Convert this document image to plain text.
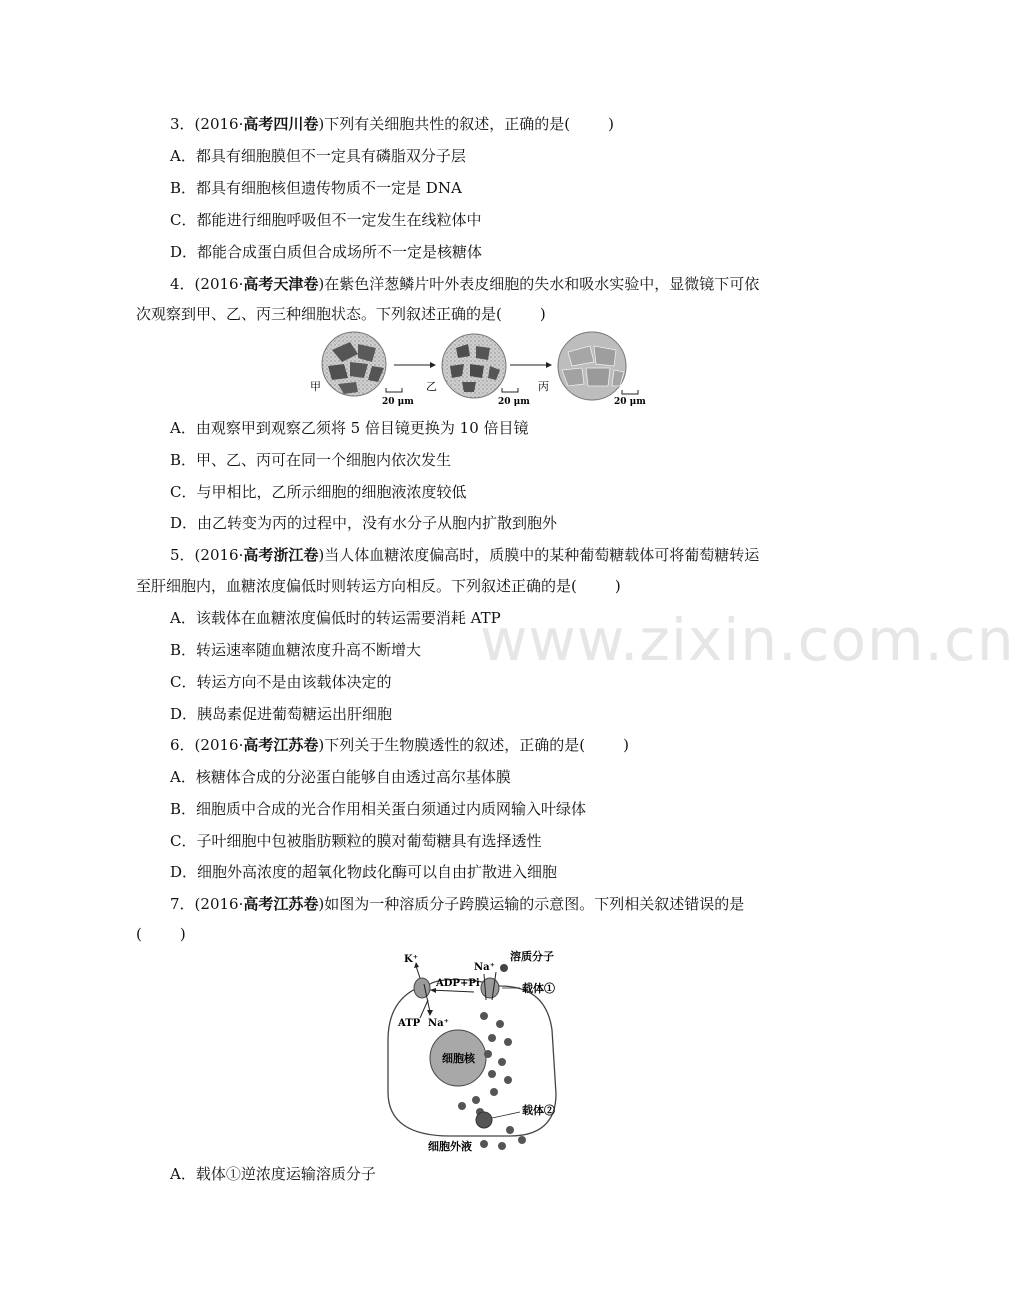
www.zixin.com.cn
3．(2016·高考四川卷)下列有关细胞共性的叙述，正确的是(	)
A．都具有细胞膜但不一定具有磷脂双分子层
B．都具有细胞核但遗传物质不一定是 DNA
C．都能进行细胞呼吸但不一定发生在线粒体中
D．都能合成蛋白质但合成场所不一定是核糖体
4．(2016·高考天津卷)在紫色洋葱鳞片叶外表皮细胞的失水和吸水实验中，显微镜下可依
次观察到甲、乙、丙三种细胞状态。下列叙述正确的是(	)
甲
20 μm
乙
20 μm
丙
20 μm
A．由观察甲到观察乙须将 5 倍目镜更换为 10 倍目镜
B．甲、乙、丙可在同一个细胞内依次发生
C．与甲相比，乙所示细胞的细胞液浓度较低
D．由乙转变为丙的过程中，没有水分子从胞内扩散到胞外
5．(2016·高考浙江卷)当人体血糖浓度偏高时，质膜中的某种葡萄糖载体可将葡萄糖转运
至肝细胞内，血糖浓度偏低时则转运方向相反。下列叙述正确的是(	)
A．该载体在血糖浓度偏低时的转运需要消耗 ATP
B．转运速率随血糖浓度升高不断增大
C．转运方向不是由该载体决定的
D．胰岛素促进葡萄糖运出肝细胞
6．(2016·高考江苏卷)下列关于生物膜透性的叙述，正确的是(	)
A．核糖体合成的分泌蛋白能够自由透过高尔基体膜
B．细胞质中合成的光合作用相关蛋白须通过内质网输入叶绿体
C．子叶细胞中包被脂肪颗粒的膜对葡萄糖具有选择透性
D．细胞外高浓度的超氧化物歧化酶可以自由扩散进入细胞
7．(2016·高考江苏卷)如图为一种溶质分子跨膜运输的示意图。下列相关叙述错误的是
(	)
细胞核
K⁺
ADP+Pi
ATP Na⁺
Na⁺
溶质分子
载体①
载体②
细胞外液
A．载体①逆浓度运输溶质分子
